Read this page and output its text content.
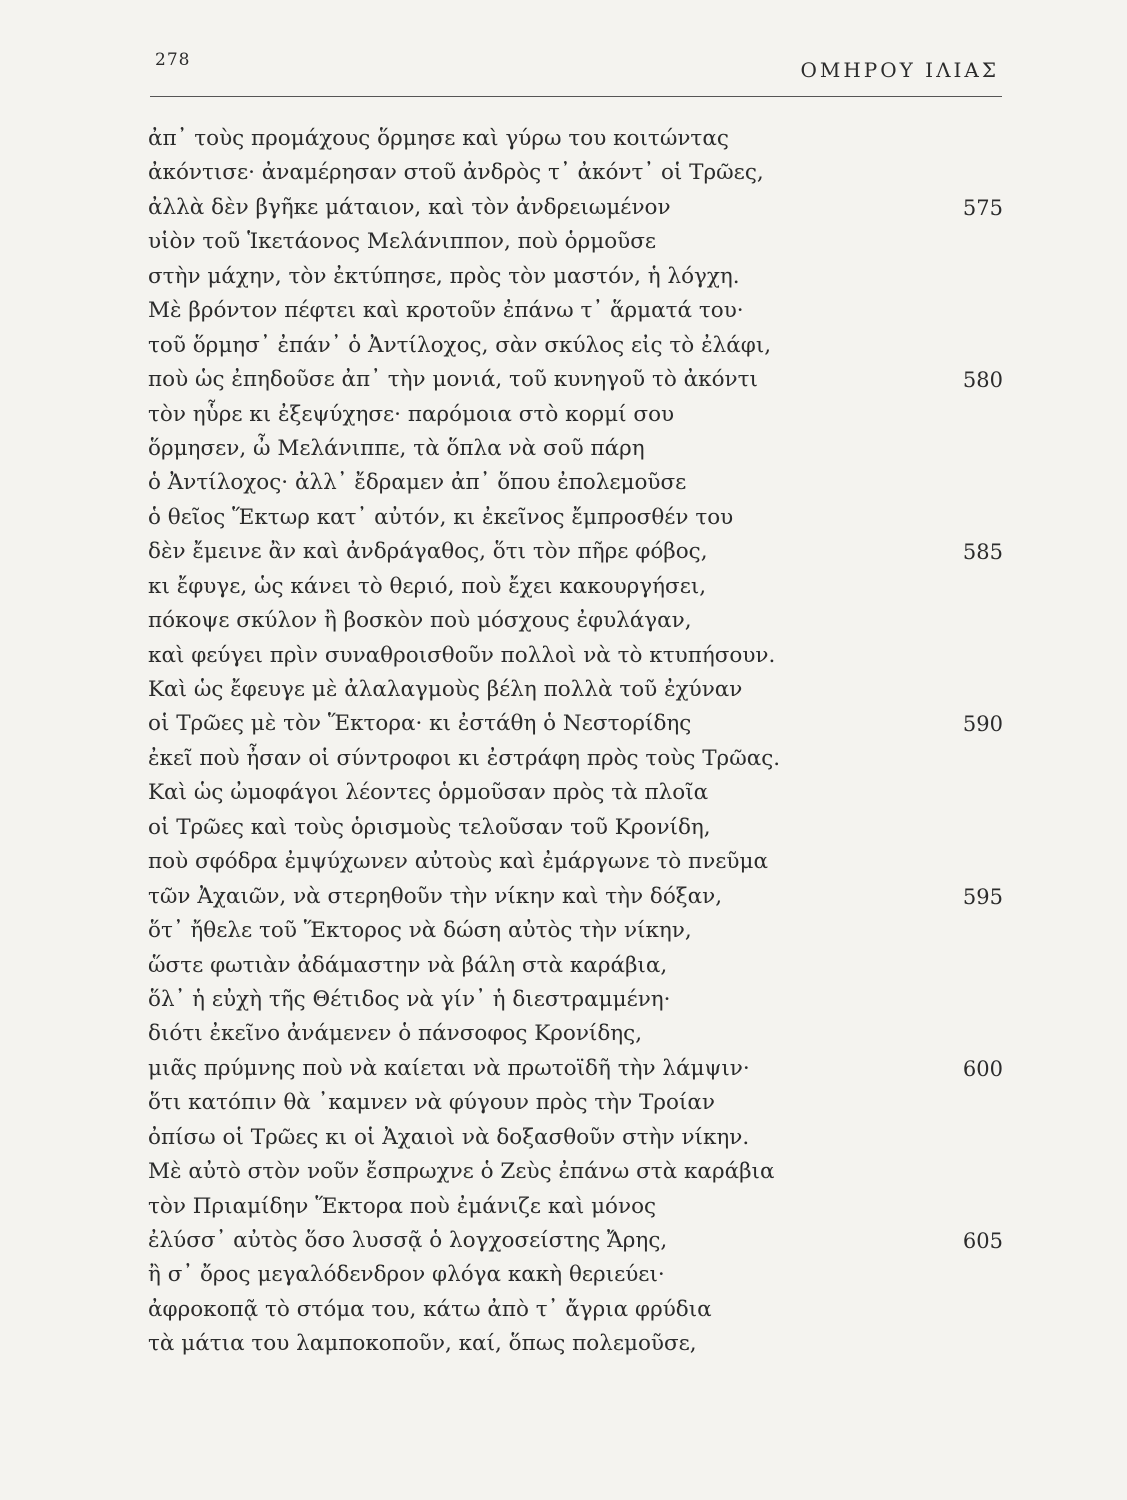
278	ΟΜΗΡΟΥ ΙΛΙΑΣ
ἀπ᾽ τοὺς προμάχους ὅρμησε καὶ γύρω του κοιτώντας
ἀκόντισε· ἀναμέρησαν στοῦ ἀνδρὸς τ᾽ ἀκόντ᾽ οἱ Τρῶες,
ἀλλὰ δὲν βγῆκε μάταιον, καὶ τὸν ἀνδρειωμένον	575
υἱὸν τοῦ Ἱκετάονος Μελάνιππον, ποὺ ὁρμοῦσε
στὴν μάχην, τὸν ἐκτύπησε, πρὸς τὸν μαστόν, ἡ λόγχη.
Μὲ βρόντον πέφτει καὶ κροτοῦν ἐπάνω τ᾽ ἅρματά του·
τοῦ ὅρμησ᾽ ἐπάν᾽ ὁ Ἀντίλοχος, σὰν σκύλος εἰς τὸ ἐλάφι,
ποὺ ὡς ἐπηδοῦσε ἀπ᾽ τὴν μονιά, τοῦ κυνηγοῦ τὸ ἀκόντι	580
τὸν ηὗρε κι ἐξεψύχησε· παρόμοια στὸ κορμί σου
ὅρμησεν, ὦ Μελάνιππε, τὰ ὅπλα νὰ σοῦ πάρη
ὁ Ἀντίλοχος· ἀλλ᾽ ἔδραμεν ἀπ᾽ ὅπου ἐπολεμοῦσε
ὁ θεῖος Ἕκτωρ κατ᾽ αὐτόν, κι ἐκεῖνος ἔμπροσθέν του
δὲν ἔμεινε ἂν καὶ ἀνδράγαθος, ὅτι τὸν πῆρε φόβος,	585
κι ἔφυγε, ὡς κάνει τὸ θεριό, ποὺ ἔχει κακουργήσει,
πόκοψε σκύλον ἢ βοσκὸν ποὺ μόσχους ἐφυλάγαν,
καὶ φεύγει πρὶν συναθροισθοῦν πολλοὶ νὰ τὸ κτυπήσουν.
Καὶ ὡς ἔφευγε μὲ ἀλαλαγμοὺς βέλη πολλὰ τοῦ ἐχύναν
οἱ Τρῶες μὲ τὸν Ἕκτορα· κι ἐστάθη ὁ Νεστορίδης	590
ἐκεῖ ποὺ ἦσαν οἱ σύντροφοι κι ἐστράφη πρὸς τοὺς Τρῶας.
Καὶ ὡς ὠμοφάγοι λέοντες ὁρμοῦσαν πρὸς τὰ πλοῖα
οἱ Τρῶες καὶ τοὺς ὁρισμοὺς τελοῦσαν τοῦ Κρονίδη,
ποὺ σφόδρα ἐμψύχωνεν αὐτοὺς καὶ ἐμάργωνε τὸ πνεῦμα
τῶν Ἀχαιῶν, νὰ στερηθοῦν τὴν νίκην καὶ τὴν δόξαν,	595
ὅτ᾽ ἤθελε τοῦ Ἕκτορος νὰ δώση αὐτὸς τὴν νίκην,
ὥστε φωτιὰν ἀδάμαστην νὰ βάλη στὰ καράβια,
ὅλ᾽ ἡ εὐχὴ τῆς Θέτιδος νὰ γίν᾽ ἡ διεστραμμένη·
διότι ἐκεῖνο ἀνάμενεν ὁ πάνσοφος Κρονίδης,
μιᾶς πρύμνης ποὺ νὰ καίεται νὰ πρωτοϊδῆ τὴν λάμψιν·	600
ὅτι κατόπιν θὰ ᾽καμνεν νὰ φύγουν πρὸς τὴν Τροίαν
ὀπίσω οἱ Τρῶες κι οἱ Ἀχαιοὶ νὰ δοξασθοῦν στὴν νίκην.
Μὲ αὐτὸ στὸν νοῦν ἔσπρωχνε ὁ Ζεὺς ἐπάνω στὰ καράβια
τὸν Πριαμίδην Ἕκτορα ποὺ ἐμάνιζε καὶ μόνος
ἐλύσσ᾽ αὐτὸς ὅσο λυσσᾷ ὁ λογχοσείστης Ἄρης,	605
ἢ σ᾽ ὄρος μεγαλόδενδρον φλόγα κακὴ θεριεύει·
ἀφροκοπᾷ τὸ στόμα του, κάτω ἀπὸ τ᾽ ἄγρια φρύδια
τὰ μάτια του λαμποκοποῦν, καί, ὅπως πολεμοῦσε,
